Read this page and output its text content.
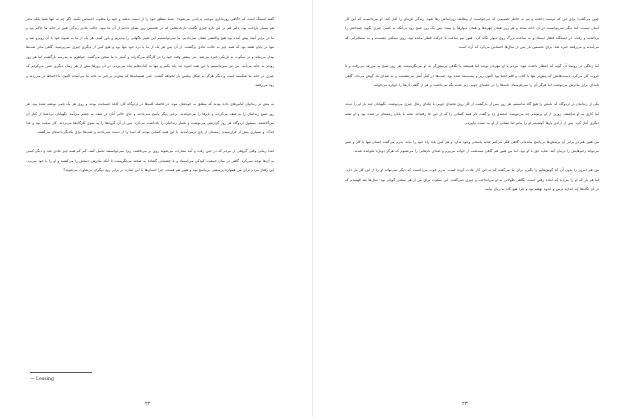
گفته لسینگ است که «گاهی روزه‌داری موجب بی‌ادبی می‌شود». شما منطق خود را از دست ندهید و خود را مغلوب احساس نکنید. اگر چه نه تنها شما بلکه مادر هم بسیار ناراحت بود. دکتر هم در این باره چیزی نگفت. بازتاب‌هایی که در نخستین روز نشان دادیم از آن ما نبود. حالت عادی زندگی هنوز بر خانه ما حاکم بود و ما در برابر آنچه پیش آمده بود هیچ واکنشی نشان نمی‌دادیم. ما نمی‌توانستیم این تغییر ناگهانی را بپذیریم و باور کنیم. هر یک از ما به شیوه خود با آن روبرو شد و تنها در پایان هفته بود که همه چیز به حالت عادی برگشت. از آن پس هر یک از ما با درد خود تنها بود و هیچ کس از دیگری چیزی نمی‌پرسید. گاهی مادر شب‌ها بیدار می‌ماند و در سکوت به تاریکی خیره می‌شد. پدر بیشتر وقت خود را در کارگاه می‌گذراند و کمتر با ما سخن می‌گفت. خواهرم به مدرسه بازگشت اما هر روز زودتر به خانه می‌آمد. من نیز نمی‌دانستم با این همه اندوه چه باید بکنم و تنها به کتاب‌هایم پناه می‌بردم. در آن روزها بیش از هر زمان دیگری حس می‌کردم که چیزی در خانه ما شکسته است و دیگر هرگز به شکل پیشین باز نخواهد گشت. حتی همسایه‌ها که پیش‌تر بی‌خبر به خانه ما می‌آمدند اکنون با احتیاط در می‌زدند و زود می‌رفتند.

به بیش تر زندانیان لباس‌های داده بودند که متعلق به خودشان نبود. در فاصله کلبه‌ها در اردوگاه کار، کاغذ چسبانده بودند و روی هر یک نامی نوشته شده بود. هر روز صبح زندانیان را به صف می‌کردند و نام‌ها را می‌خواندند. برخی دیگر پاسخ نمی‌دادند و جای خالی آنان در صف به چشم می‌آمد. نگهبانان بی‌اعتنا از کنار آن می‌گذشتند. مسئول اردوگاه هر روز گزارشی می‌نوشت و شمار زندانیان را یادداشت می‌کرد. پس از آن گروه‌ها را به سوی کارگاه‌ها می‌بردند. کار سخت بود و غذا اندک، و بسیاری پیش از فرارسیدن زمستان از پای درمی‌آمدند. با این همه کسانی بودند که امید را از دست نمی‌دادند و شب‌ها برای یکدیگر داستان می‌گفتند.

ابتدا زمانی وقتی گروهی از مردم که در حین رفت و آمد مجازات می‌شوند روی بر می‌تافتند، زیرا نمی‌توانستند تحمل کنند. کم کم همه چیز عادی شد و دیگر کسی به آن‌ها توجه نمی‌کرد. گاهی در میان جمعیت کودکی می‌ایستاد و با چشمانی گشاده به صحنه می‌نگریست تا آنکه مادرش دستش را می‌کشید و او را با خود می‌برد. این رفتار مردم برای من همواره پرسشی بی‌پاسخ بود و هنوز هم هست. چرا انسان‌ها تا این اندازه در برابر رنج دیگران بی‌تفاوت می‌شوند؟

— Lessing
۲۲

چنین می‌گفت؛ برای این که دوست داشت و نیز به خاطر تصمیمی که می‌خواست از وظایف روزانه‌اش رها شود، زندگی تازه‌ای را آغاز کند. او می‌دانست که این کار آسان نیست. اما دیگر نمی‌توانست در آن خانه بماند و هر روز همان چهره‌ها و همان دیوارها را ببیند. پس یک روز صبح زود بی‌آنکه به کسی چیزی بگوید چمدانش را برداشت و رفت. در ایستگاه قطار ایستاد و به ساعت بزرگ روی دیوار نگاه کرد. هنوز نیم ساعت تا حرکت قطار مانده بود. روی نیمکتی نشست و به مسافرانی که می‌آمدند و می‌رفتند خیره شد. برای نخستین بار پس از سال‌ها احساس می‌کرد که آزاد است.

اما زندگی در روستا آن گونه که انتظار داشت نبود. مردم با او مهربان بودند اما همیشه با نگاهی پرسش‌گر به او می‌نگریستند. هر روز صبح به مزرعه می‌رفت و تا غروب کار می‌کرد. دست‌هایش که پیش‌تر تنها با کتاب و قلم آشنا بود اکنون زبر و پینه‌بسته شده بود. شب‌ها در کنار آتش می‌نشست و به صدای باد گوش می‌داد. گاهی نامه‌ای برای مادرش می‌نوشت اما هرگز آن را نمی‌فرستاد. نامه‌ها را در جعبه‌ای چوبی زیر تخت نگه می‌داشت و هر از گاهی آن‌ها را دوباره می‌خواند.

یکی از زندانیان در اردوگاه که نامش را هیچ گاه ندانستم، هر روز پس از بازگشت از کار روی تخته‌ای چوبی با تکه‌ای زغال چیزی می‌نوشت. نگهبانان چند بار او را دیدند اما کاری به او نداشتند. روزی از او پرسیدم چه می‌نویسد. لبخندی زد و گفت نام همه کسانی را که از این جا رفته‌اند. تخته تا پایان زمستان پر شده بود و او تخته دیگری آغاز کرد. پس از آزادی بارها کوشیدم او را بیابم اما نشانی از او به دست نیاوردم.

من هنوز هم در برابر آن پرسش‌ها بی‌پاسخ مانده‌ام. گاهی فکر می‌کنم شاید پاسخی وجود ندارد و هر کس باید راه خود را بیابد. پدرم می‌گفت انسان تنها با کار و صبر می‌تواند زخم‌هایش را درمان کند. شاید حق با او بود. اما من هنوز هم گاهی نیمه‌شب از خواب می‌پرم و صدای نام‌هایی را می‌شنوم که هرگز دوباره نخوانده شدند.

من هم امروز را بدون آن که گوش‌هایم را بگیرم برای ما می‌گفت که به این کار عادت کرده است. پدرم خوب می‌دانست که دیگر نمی‌تواند او را از این کار باز دارد. اما هر بار که او را می‌دید که آماده رفتن است، نگاهی طولانی به او می‌انداخت و چیزی نمی‌گفت. این سکوت برای من از هر سخنی گویاتر بود. سال‌ها بعد فهمیدم که در آن نگاه‌ها چه اندازه ترس و اندوه نهفته بود و چرا هیچ گاه به زبان نیامد.

۲۳
